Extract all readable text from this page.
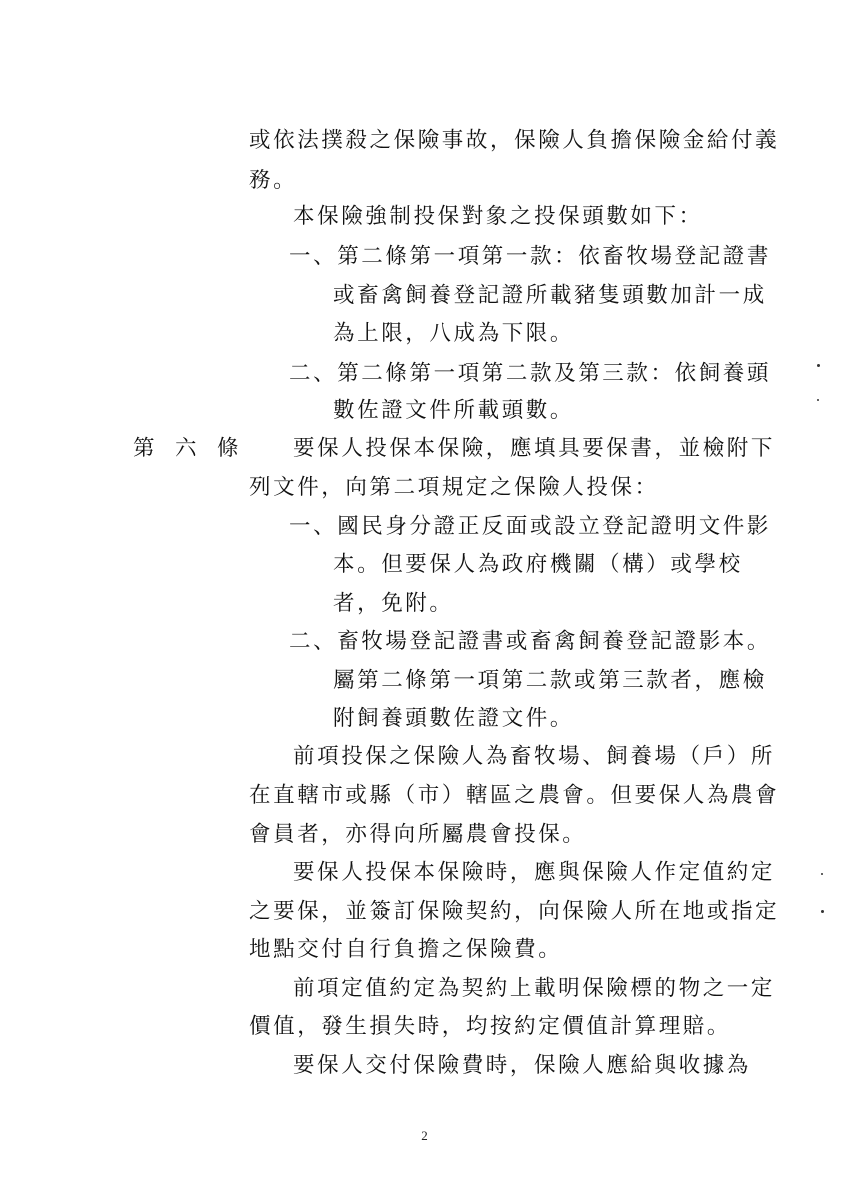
或依法撲殺之保險事故，保險人負擔保險金給付義
務。
本保險強制投保對象之投保頭數如下：
一、第二條第一項第一款：依畜牧場登記證書
或畜禽飼養登記證所載豬隻頭數加計一成
為上限，八成為下限。
二、第二條第一項第二款及第三款：依飼養頭
數佐證文件所載頭數。
第 六 條	要保人投保本保險，應填具要保書，並檢附下
列文件，向第二項規定之保險人投保：
一、國民身分證正反面或設立登記證明文件影
本。但要保人為政府機關（構）或學校
者，免附。
二、畜牧場登記證書或畜禽飼養登記證影本。
屬第二條第一項第二款或第三款者，應檢
附飼養頭數佐證文件。
前項投保之保險人為畜牧場、飼養場（戶）所
在直轄市或縣（市）轄區之農會。但要保人為農會
會員者，亦得向所屬農會投保。
要保人投保本保險時，應與保險人作定值約定
之要保，並簽訂保險契約，向保險人所在地或指定
地點交付自行負擔之保險費。
前項定值約定為契約上載明保險標的物之一定
價值，發生損失時，均按約定價值計算理賠。
要保人交付保險費時，保險人應給與收據為
2
